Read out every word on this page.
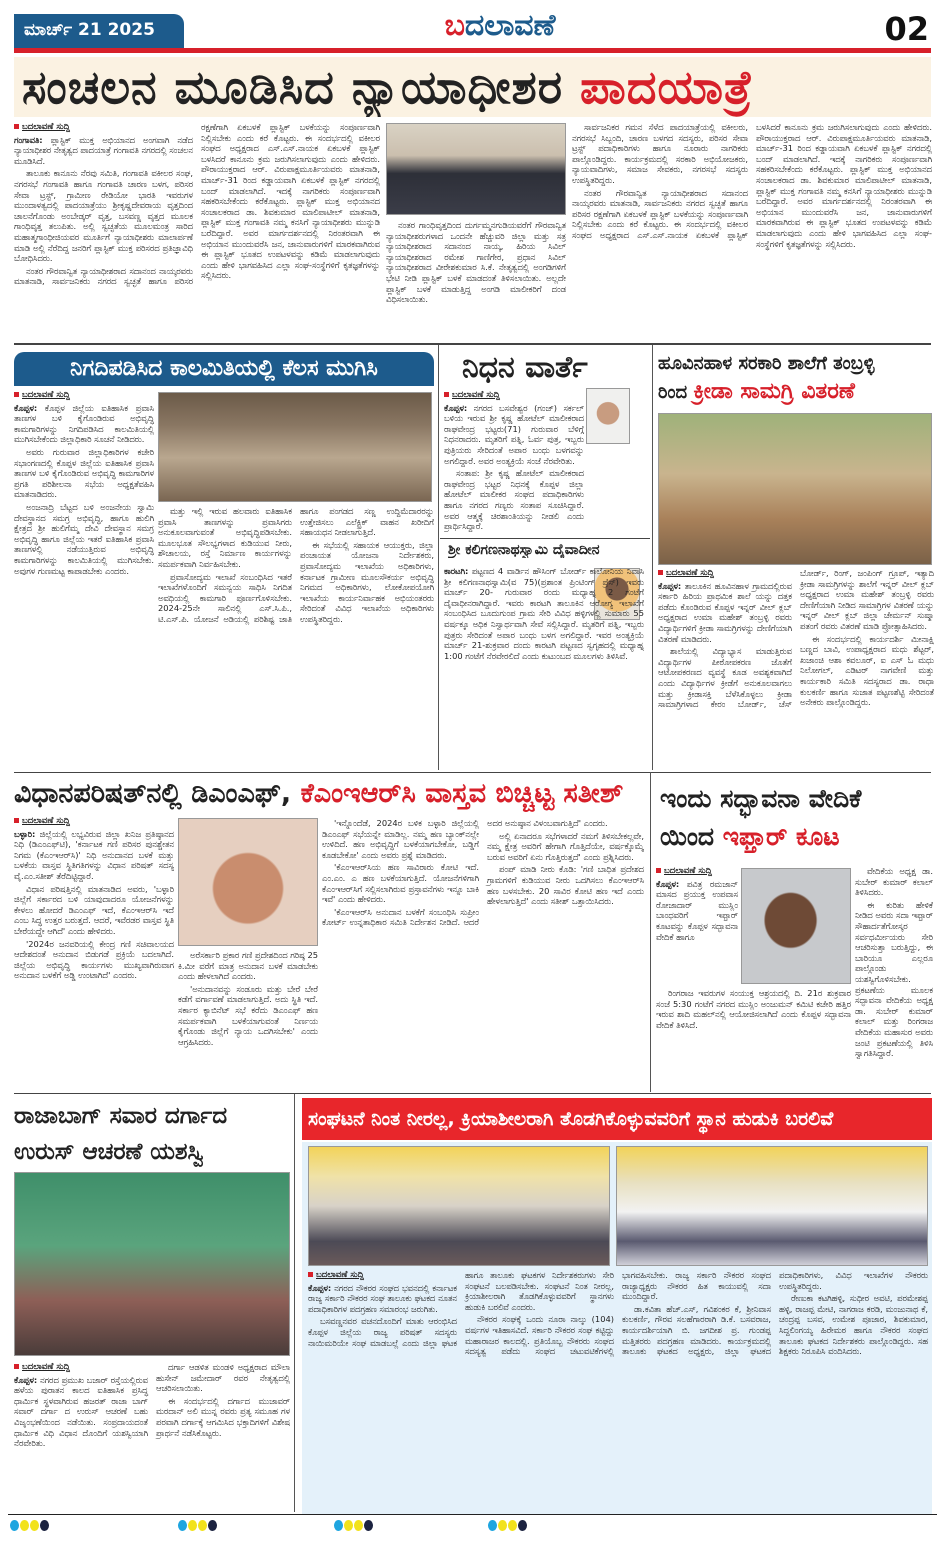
ಮಾರ್ಚ್ 21 2025	ಬದಲಾವಣೆ	02
ಸಂಚಲನ ಮೂಡಿಸಿದ ನ್ಯಾಯಾಧೀಶರ ಪಾದಯಾತ್ರೆ
ಬದಲಾವಣೆ ಸುದ್ದಿ

ಗಂಗಾವತಿ: ಪ್ಲಾಸ್ಟಿಕ್ ಮುಕ್ತ ಅಭಿಯಾನದ ಅಂಗವಾಗಿ ನಡೆದ ನ್ಯಾಯಾಧೀಶರ ನೇತೃತ್ವದ ಪಾದಯಾತ್ರೆ ಗಂಗಾವತಿ ನಗರದಲ್ಲಿ ಸಂಚಲನ ಮೂಡಿಸಿದೆ.

ತಾಲೂಕು ಕಾನೂನು ನೆರವು ಸಮಿತಿ, ಗಂಗಾವತಿ ವಕೀಲರ ಸಂಘ, ನಗರಸಭೆ ಗಂಗಾವತಿ ಹಾಗೂ ಗಂಗಾವತಿ ಚಾರಣ ಬಳಗ, ಪರಿಸರ ಸೇವಾ ಟ್ರಸ್ಟ್, ಗ್ರಾಮೀಣ ರೇಡಿಯೋ ಭಾರತಿ ಇವರುಗಳ ಮುಂದಾಳತ್ವದಲ್ಲಿ ಪಾದಯಾತ್ರೆಯು ಶ್ರೀಕೃಷ್ಣದೇವರಾಯ ವೃತ್ತದಿಂದ ಚಾಲನೆಗೊಂಡು ಅಂಬೇಡ್ಕರ್ ವೃತ್ತ, ಬಸವಣ್ಣ ವೃತ್ತದ ಮೂಲಕ ಗಾಂಧಿವೃತ್ತ ತಲುಪಿತು. ಅಲ್ಲಿ ಸ್ವಚ್ಛತೆಯ ಮೂಲಮಂತ್ರ ಸಾರಿದ ಮಹಾತ್ಮಗಾಂಧೀಜಿಯವರ ಮೂರ್ತಿಗೆ ನ್ಯಾಯಾಧೀಶರು ಮಾಲಾರ್ಪಣೆ ಮಾಡಿ ಅಲ್ಲಿ ನೆರೆದಿದ್ದ ಜನರಿಗೆ ಪ್ಲಾಸ್ಟಿಕ್ ಮುಕ್ತ ಪರಿಸರದ ಪ್ರತಿಜ್ಞಾವಿಧಿ ಬೋಧಿಸಿದರು.

ನಂತರ ಗೌರವಾನ್ವಿತ ನ್ಯಾಯಾಧೀಶರಾದ ಸದಾನಂದ ನಾಯ್ಕರವರು ಮಾತನಾಡಿ, ಸಾರ್ವಜನಿಕರು ನಗರದ ಸ್ವಚ್ಛತೆ ಹಾಗೂ ಪರಿಸರ ರಕ್ಷಣೆಗಾಗಿ ಏಕಬಳಕೆ ಪ್ಲಾಸ್ಟಿಕ್ ಬಳಕೆಯನ್ನು ಸಂಪೂರ್ಣವಾಗಿ ನಿಲ್ಲಿಸಬೇಕು ಎಂದು ಕರೆ ಕೊಟ್ಟರು. ಈ ಸಂದರ್ಭದಲ್ಲಿ ವಕೀಲರ ಸಂಘದ ಅಧ್ಯಕ್ಷರಾದ ಎಸ್.ಎಸ್.ನಾಯಕ ಏಕಬಳಕೆ ಪ್ಲಾಸ್ಟಿಕ್ ಬಳಸಿದರೆ ಕಾನೂನು ಕ್ರಮ ಜರುಗಿಸಲಾಗುವುದು ಎಂದು ಹೇಳಿದರು. ಪೌರಾಯುಕ್ತರಾದ ಆರ್. ವಿರುಪಾಕ್ಷಮೂರ್ತಿಯವರು ಮಾತನಾಡಿ, ಮಾರ್ಚ್-31 ರಿಂದ ಕಡ್ಡಾಯವಾಗಿ ಏಕಬಳಕೆ ಪ್ಲಾಸ್ಟಿಕ್ ನಗರದಲ್ಲಿ ಬಂದ್ ಮಾಡಲಾಗಿದೆ. ಇದಕ್ಕೆ ನಾಗರಿಕರು ಸಂಪೂರ್ಣವಾಗಿ ಸಹಕರಿಸಬೇಕೆಂದು ಕರೆಕೊಟ್ಟರು. ಪ್ಲಾಸ್ಟಿಕ್ ಮುಕ್ತ ಅಭಿಯಾನದ ಸಂಚಾಲಕರಾದ ಡಾ. ಶಿವಕುಮಾರ ಮಾಲಿಪಾಟೀಲ್ ಮಾತನಾಡಿ, ಪ್ಲಾಸ್ಟಿಕ್ ಮುಕ್ತ ಗಂಗಾವತಿ ನಮ್ಮ ಕನಸಿಗೆ ನ್ಯಾಯಾಧೀಶರು ಮುನ್ನುಡಿ ಬರೆದಿದ್ದಾರೆ. ಅವರ ಮಾರ್ಗದರ್ಶನದಲ್ಲಿ ನಿರಂತರವಾಗಿ ಈ ಅಭಿಯಾನ ಮುಂದುವರೆಸಿ ಜನ, ಜಾನುವಾರುಗಳಿಗೆ ಮಾರಕವಾಗಿರುವ ಈ ಪ್ಲಾಸ್ಟಿಕ್ ಭೂತದ ಉಪಟಳವನ್ನು ಕಡಿಮೆ ಮಾಡಲಾಗುವುದು ಎಂದು ಹೇಳಿ ಭಾಗವಹಿಸಿದ ಎಲ್ಲಾ ಸಂಘ-ಸಂಸ್ಥೆಗಳಿಗೆ ಕೃತಜ್ಞತೆಗಳನ್ನು ಸಲ್ಲಿಸಿದರು.

ನಂತರ ಗಾಂಧಿವೃತ್ತದಿಂದ ದುರ್ಗಮ್ಮನಗುಡಿಯವರೆಗೆ ಗೌರವಾನ್ವಿತ ನ್ಯಾಯಾಧೀಶರುಗಳಾದ ಒಂದನೇ ಹೆಚ್ಚುವರಿ ಜಿಲ್ಲಾ ಮತ್ತು ಸತ್ರ ನ್ಯಾಯಾಧೀಶರಾದ ಸದಾನಂದ ನಾಯ್ಕ, ಹಿರಿಯ ಸಿವಿಲ್ ನ್ಯಾಯಾಧೀಶರಾದ ರಮೇಶ ಗಾಣಿಗೇರ, ಪ್ರಧಾನ ಸಿವಿಲ್ ನ್ಯಾಯಾಧೀಶರಾದ ವೀರೇಶಕುಮಾರ ಸಿ.ಕೆ. ನೇತೃತ್ವದಲ್ಲಿ ಅಂಗಡಿಗಳಿಗೆ ಭೇಟಿ ನೀಡಿ ಪ್ಲಾಸ್ಟಿಕ್ ಬಳಕೆ ಮಾಡದಂತೆ ತಿಳಿಸಲಾಯಿತು. ಅಲ್ಲದೇ ಪ್ಲಾಸ್ಟಿಕ್ ಬಳಕೆ ಮಾಡುತ್ತಿದ್ದ ಅಂಗಡಿ ಮಾಲೀಕರಿಗೆ ದಂಡ ವಿಧಿಸಲಾಯಿತು.

ಸಾರ್ವಜನಿಕರ ಗಮನ ಸೆಳೆದ ಪಾದಯಾತ್ರೆಯಲ್ಲಿ ವಕೀಲರು, ನಗರಸಭೆ ಸಿಬ್ಬಂದಿ, ಚಾರಣ ಬಳಗದ ಸದಸ್ಯರು, ಪರಿಸರ ಸೇವಾ ಟ್ರಸ್ಟ್ ಪದಾಧಿಕಾರಿಗಳು ಹಾಗೂ ನೂರಾರು ನಾಗರಿಕರು ಪಾಲ್ಗೊಂಡಿದ್ದರು. ಕಾರ್ಯಕ್ರಮದಲ್ಲಿ ಸರಕಾರಿ ಅಭಿಯೋಜಕರು, ನ್ಯಾಯವಾದಿಗಳು, ಸಮಾಜ ಸೇವಕರು, ನಗರಸಭೆ ಸದಸ್ಯರು ಉಪಸ್ಥಿತರಿದ್ದರು.

ನಂತರ ಗೌರವಾನ್ವಿತ ನ್ಯಾಯಾಧೀಶರಾದ ಸದಾನಂದ ನಾಯ್ಕರವರು ಮಾತನಾಡಿ, ಸಾರ್ವಜನಿಕರು ನಗರದ ಸ್ವಚ್ಛತೆ ಹಾಗೂ ಪರಿಸರ ರಕ್ಷಣೆಗಾಗಿ ಏಕಬಳಕೆ ಪ್ಲಾಸ್ಟಿಕ್ ಬಳಕೆಯನ್ನು ಸಂಪೂರ್ಣವಾಗಿ ನಿಲ್ಲಿಸಬೇಕು ಎಂದು ಕರೆ ಕೊಟ್ಟರು. ಈ ಸಂದರ್ಭದಲ್ಲಿ ವಕೀಲರ ಸಂಘದ ಅಧ್ಯಕ್ಷರಾದ ಎಸ್.ಎಸ್.ನಾಯಕ ಏಕಬಳಕೆ ಪ್ಲಾಸ್ಟಿಕ್ ಬಳಸಿದರೆ ಕಾನೂನು ಕ್ರಮ ಜರುಗಿಸಲಾಗುವುದು ಎಂದು ಹೇಳಿದರು. ಪೌರಾಯುಕ್ತರಾದ ಆರ್. ವಿರುಪಾಕ್ಷಮೂರ್ತಿಯವರು ಮಾತನಾಡಿ, ಮಾರ್ಚ್-31 ರಿಂದ ಕಡ್ಡಾಯವಾಗಿ ಏಕಬಳಕೆ ಪ್ಲಾಸ್ಟಿಕ್ ನಗರದಲ್ಲಿ ಬಂದ್ ಮಾಡಲಾಗಿದೆ. ಇದಕ್ಕೆ ನಾಗರಿಕರು ಸಂಪೂರ್ಣವಾಗಿ ಸಹಕರಿಸಬೇಕೆಂದು ಕರೆಕೊಟ್ಟರು. ಪ್ಲಾಸ್ಟಿಕ್ ಮುಕ್ತ ಅಭಿಯಾನದ ಸಂಚಾಲಕರಾದ ಡಾ. ಶಿವಕುಮಾರ ಮಾಲಿಪಾಟೀಲ್ ಮಾತನಾಡಿ, ಪ್ಲಾಸ್ಟಿಕ್ ಮುಕ್ತ ಗಂಗಾವತಿ ನಮ್ಮ ಕನಸಿಗೆ ನ್ಯಾಯಾಧೀಶರು ಮುನ್ನುಡಿ ಬರೆದಿದ್ದಾರೆ. ಅವರ ಮಾರ್ಗದರ್ಶನದಲ್ಲಿ ನಿರಂತರವಾಗಿ ಈ ಅಭಿಯಾನ ಮುಂದುವರೆಸಿ ಜನ, ಜಾನುವಾರುಗಳಿಗೆ ಮಾರಕವಾಗಿರುವ ಈ ಪ್ಲಾಸ್ಟಿಕ್ ಭೂತದ ಉಪಟಳವನ್ನು ಕಡಿಮೆ ಮಾಡಲಾಗುವುದು ಎಂದು ಹೇಳಿ ಭಾಗವಹಿಸಿದ ಎಲ್ಲಾ ಸಂಘ-ಸಂಸ್ಥೆಗಳಿಗೆ ಕೃತಜ್ಞತೆಗಳನ್ನು ಸಲ್ಲಿಸಿದರು.

ನಿಗದಿಪಡಿಸಿದ ಕಾಲಮಿತಿಯಲ್ಲಿ ಕೆಲಸ ಮುಗಿಸಿ
ಬದಲಾವಣೆ ಸುದ್ದಿ

ಕೊಪ್ಪಳ: ಕೊಪ್ಪಳ ಜಿಲ್ಲೆಯ ಐತಿಹಾಸಿಕ ಪ್ರವಾಸಿ ತಾಣಗಳ ಬಳಿ ಕೈಗೊಂಡಿರುವ ಅಭಿವೃದ್ಧಿ ಕಾಮಗಾರಿಗಳನ್ನು ನಿಗದಿಪಡಿಸಿದ ಕಾಲಮಿತಿಯಲ್ಲಿ ಮುಗಿಸಬೇಕೆಂದು ಜಿಲ್ಲಾಧಿಕಾರಿ ಸೂಚನೆ ನೀಡಿದರು.

ಅವರು ಗುರುವಾರ ಜಿಲ್ಲಾಧಿಕಾರಿಗಳ ಕಚೇರಿ ಸಭಾಂಗಣದಲ್ಲಿ ಕೊಪ್ಪಳ ಜಿಲ್ಲೆಯ ಐತಿಹಾಸಿಕ ಪ್ರವಾಸಿ ತಾಣಗಳ ಬಳಿ ಕೈಗೊಂಡಿರುವ ಅಭಿವೃದ್ಧಿ ಕಾಮಗಾರಿಗಳ ಪ್ರಗತಿ ಪರಿಶೀಲನಾ ಸಭೆಯ ಅಧ್ಯಕ್ಷತೆವಹಿಸಿ ಮಾತನಾಡಿದರು.

ಅಂಜನಾದ್ರಿ ಬೆಟ್ಟದ ಬಳಿ ಅಂಜನೇಯ ಸ್ವಾಮಿ ದೇವಸ್ಥಾನದ ಸಮಗ್ರ ಅಭಿವೃದ್ಧಿ, ಹಾಗೂ ಹುಲಿಗಿ ಕ್ಷೇತ್ರದ ಶ್ರೀ ಹುಲಿಗೆಮ್ಮ ದೇವಿ ದೇವಸ್ಥಾನ ಸಮಗ್ರ ಅಭಿವೃದ್ಧಿ ಹಾಗೂ ಜಿಲ್ಲೆಯ ಇತರೆ ಐತಿಹಾಸಿಕ ಪ್ರವಾಸಿ ತಾಣಗಳಲ್ಲಿ ನಡೆಯುತ್ತಿರುವ ಅಭಿವೃದ್ಧಿ ಕಾಮಗಾರಿಗಳನ್ನು ಕಾಲಮಿತಿಯಲ್ಲಿ ಮುಗಿಸಬೇಕು. ಅವುಗಳ ಗುಣಮಟ್ಟ ಕಾಪಾಡಬೇಕು ಎಂದರು.

ಮತ್ತು ಇಲ್ಲಿ ಇರುವ ಹಲವಾರು ಐತಿಹಾಸಿಕ ಪ್ರವಾಸಿ ತಾಣಗಳನ್ನು ಪ್ರವಾಸಿಗರು ಅನುಕೂಲವಾಗುವಂತೆ ಅಭಿವೃದ್ಧಿಪಡಿಸಬೇಕು. ಮೂಲಭೂತ ಸೌಲಭ್ಯಗಳಾದ ಕುಡಿಯುವ ನೀರು, ಶೌಚಾಲಯ, ರಸ್ತೆ ನಿರ್ಮಾಣ ಕಾರ್ಯಗಳನ್ನು ಸಮರ್ಪಕವಾಗಿ ನಿರ್ವಹಿಸಬೇಕು.

ಪ್ರವಾಸೋದ್ಯಮ ಇಲಾಖೆ ಸಂಬಂಧಿಸಿದ ಇತರೆ ಇಲಾಖೆಗಳೊಂದಿಗೆ ಸಮನ್ವಯ ಸಾಧಿಸಿ ನಿಗದಿತ ಅವಧಿಯಲ್ಲಿ ಕಾಮಗಾರಿ ಪೂರ್ಣಗೊಳಿಸಬೇಕು. 2024-25ನೇ ಸಾಲಿನಲ್ಲಿ ಎಸ್.ಸಿ.ಪಿ., ಟಿ.ಎಸ್.ಪಿ. ಯೋಜನೆ ಅಡಿಯಲ್ಲಿ ಪರಿಶಿಷ್ಟ ಜಾತಿ ಹಾಗೂ ಪಂಗಡದ ಸಣ್ಣ ಉದ್ದಿಮೆದಾರರನ್ನು ಉತ್ತೇಜಿಸಲು ಎಲೆಕ್ಟ್ರಿಕ್ ವಾಹನ ಖರೀದಿಗೆ ಸಹಾಯಧನ ನೀಡಲಾಗುತ್ತಿದೆ.

ಈ ಸಭೆಯಲ್ಲಿ ಸಹಾಯಕ ಆಯುಕ್ತರು, ಜಿಲ್ಲಾ ಪಂಚಾಯತ ಯೋಜನಾ ನಿರ್ದೇಶಕರು, ಪ್ರವಾಸೋದ್ಯಮ ಇಲಾಖೆಯ ಅಧಿಕಾರಿಗಳು, ಕರ್ನಾಟಕ ಗ್ರಾಮೀಣ ಮೂಲಸೌಕರ್ಯ ಅಭಿವೃದ್ಧಿ ನಿಗಮದ ಅಧಿಕಾರಿಗಳು, ಲೋಕೋಪಯೋಗಿ ಇಲಾಖೆಯ ಕಾರ್ಯನಿರ್ವಾಹಕ ಅಭಿಯಂತರರು ಸೇರಿದಂತೆ ವಿವಿಧ ಇಲಾಖೆಯ ಅಧಿಕಾರಿಗಳು ಉಪಸ್ಥಿತರಿದ್ದರು.

ನಿಧನ ವಾರ್ತೆ
ಬದಲಾವಣೆ ಸುದ್ದಿ

ಕೊಪ್ಪಳ: ನಗರದ ಬಸವೇಶ್ವರ (ಗಂಜ್) ಸರ್ಕಲ್ ಬಳಿಯ ಇರುವ ಶ್ರೀ ಕೃಷ್ಣ ಹೋಟೆಲ್ ಮಾಲೀಕರಾದ ರಾಘವೇಂದ್ರ ಭಟ್ಟರು(71) ಗುರುವಾರ ಬೆಳಿಗ್ಗೆ ನಿಧನರಾದರು. ಮೃತರಿಗೆ ಪತ್ನಿ, ಓರ್ವ ಪುತ್ರ, ಇಬ್ಬರು ಪುತ್ರಿಯರು ಸೇರಿದಂತೆ ಅಪಾರ ಬಂಧು ಬಳಗವನ್ನು ಅಗಲಿದ್ದಾರೆ. ಅವರ ಅಂತ್ಯಕ್ರಿಯೆ ಸಂಜೆ ನೆರವೇರಿತು.

ಸಂತಾಪ: ಶ್ರೀ ಕೃಷ್ಣ ಹೋಟೆಲ್ ಮಾಲೀಕರಾದ ರಾಘವೇಂದ್ರ ಭಟ್ಟರ ನಿಧನಕ್ಕೆ ಕೊಪ್ಪಳ ಜಿಲ್ಲಾ ಹೋಟೆಲ್ ಮಾಲೀಕರ ಸಂಘದ ಪದಾಧಿಕಾರಿಗಳು ಹಾಗೂ ನಗರದ ಗಣ್ಯರು ಸಂತಾಪ ಸೂಚಿಸಿದ್ದಾರೆ. ಅವರ ಆತ್ಮಕ್ಕೆ ಚಿರಶಾಂತಿಯನ್ನು ನೀಡಲಿ ಎಂದು ಪ್ರಾರ್ಥಿಸಿದ್ದಾರೆ.

ಶ್ರೀ ಕಲಿಗಣನಾಥಸ್ವಾಮಿ ದೈವಾದೀನ

ಕಾರಟಗಿ: ಪಟ್ಟಣದ 4 ವಾರ್ಡಿನ ಹೌಸಿಂಗ್ ಬೋರ್ಡ್ ಕಾಲೋನಿಯ ನಿವಾಸಿ ಶ್ರೀ ಕಲಿಗಣನಾಥಸ್ವಾಮಿ(ವ 75)(ಪ್ರಶಾಂತ ಪ್ರಿಂಟಿಂಗ್ ಪ್ರೆಸ್) ಇವರು ಮಾರ್ಚ್ 20- ಗುರುವಾರ ರಂದು ಮಧ್ಯಾಹ್ನ 2 ಗಂಟೆಗೆ ದೈವಾಧೀನರಾಗಿದ್ದಾರೆ. ಇವರು ಕಾರಟಗಿ ತಾಲೂಕಿನ ಆರೋಗ್ಯ ಇಲಾಖೆಗೆ ಸಂಬಂಧಿಸಿದ ಬೂದುಗುಂಪ ಗ್ರಾಮ ಸೇರಿ ವಿವಿಧ ಹಳ್ಳಿಗಳಲ್ಲಿ ಸುಮಾರು 55 ವರ್ಷಕ್ಕೂ ಅಧಿಕ ನಿಸ್ವಾರ್ಥವಾಗಿ ಸೇವೆ ಸಲ್ಲಿಸಿದ್ದಾರೆ. ಮೃತರಿಗೆ ಪತ್ನಿ, ಇಬ್ಬರು ಪುತ್ರರು ಸೇರಿದಂತೆ ಅಪಾರ ಬಂಧು ಬಳಗ ಅಗಲಿದ್ದಾರೆ. ಇವರ ಅಂತ್ಯಕ್ರಿಯೆ ಮಾರ್ಚ್ 21-ಶುಕ್ರವಾರ ದಂದು ಕಾರಟಗಿ ಪಟ್ಟಣದ ಸ್ವಗೃಹದಲ್ಲಿ ಮಧ್ಯಾಹ್ನ 1:00 ಗಂಟೆಗೆ ನೆರವೇರಲಿದೆ ಎಂದು ಕುಟುಂಬದ ಮೂಲಗಳು ತಿಳಿಸಿವೆ.

ಹೂವಿನಹಾಳ ಸರಕಾರಿ ಶಾಲೆಗೆ ತಂಬ್ರಳ್ಳಿ
ರಿಂದ ಕ್ರೀಡಾ ಸಾಮಗ್ರಿ ವಿತರಣೆ
ಬದಲಾವಣೆ ಸುದ್ದಿ

ಕೊಪ್ಪಳ: ತಾಲೂಕಿನ ಹೂವಿನಹಾಳ ಗ್ರಾಮದಲ್ಲಿರುವ ಸರ್ಕಾರಿ ಹಿರಿಯ ಪ್ರಾಥಮಿಕ ಶಾಲೆ ಯನ್ನು ದತ್ತಕ ಪಡೆದು ಕೊಂಡಿರುವ ಕೊಪ್ಪಳ ಇನ್ನರ್ ವೀಲ್ ಕ್ಲಬ್ ಅಧ್ಯಕ್ಷರಾದ ಉಮಾ ಮಹೇಶ್ ತಂಬ್ರಳ್ಳಿ ರವರು ವಿದ್ಯಾರ್ಥಿಗಳಿಗೆ ಕ್ರೀಡಾ ಸಾಮಗ್ರಿಗಳನ್ನು ದೇಣಿಗೆಯಾಗಿ ವಿತರಣೆ ಮಾಡಿದರು.

ಶಾಲೆಯಲ್ಲಿ ವಿದ್ಯಾಭ್ಯಾಸ ಮಾಡುತ್ತಿರುವ ವಿದ್ಯಾರ್ಥಿಗಳ ಪೀಠೋಪಕರಣ ಜೊತೆಗೆ ಆಟೋಪಕರಣದ ವ್ಯವಸ್ಥೆ ಕೂಡ ಅವಶ್ಯಕವಾಗಿದೆ ಎಂದು ವಿದ್ಯಾರ್ಥಿಗಳ ಕ್ರೀಡೆಗೆ ಅನುಕೂಲವಾಗಲು ಮತ್ತು ಕ್ರೀಡಾಸಕ್ತಿ ಬೆಳೆಸಿಕೊಳ್ಳಲು ಕ್ರೀಡಾ ಸಾಮಾಗ್ರಿಗಳಾದ ಕೇರಂ ಬೋರ್ಡ್, ಚೆಸ್ ಬೋರ್ಡ್, ರಿಂಗ್, ಜಂಪಿಂಗ್ ಗ್ರೂಪ್, ಇತ್ಯಾದಿ ಕ್ರೀಡಾ ಸಾಮಗ್ರಿಗಳನ್ನು ಶಾಲೆಗೆ ಇನ್ನರ್ ವೀಲ್ ಕ್ಲಬ್ ಅಧ್ಯಕ್ಷರಾದ ಉಮಾ ಮಹೇಶ್ ತಂಬ್ರಳ್ಳಿ ರವರು ದೇಣಿಗೆಯಾಗಿ ನೀಡಿದ ಸಾಮಾಗ್ರಿಗಳ ವಿತರಣೆ ಯನ್ನು ಇನ್ನರ್ ವೀಲ್ ಕ್ಲಬ್ ಜಿಲ್ಲಾ ಚೇರ್ಮನ್ ಸುಷ್ಮಾ ಪತಂಗೆ ರವರು ವಿತರಣೆ ಮಾಡಿ ಪ್ರೋತ್ಸಾಹಿಸಿದರು.

ಈ ಸಂದರ್ಭದಲ್ಲಿ ಕಾರ್ಯದರ್ಶಿ ಮೀನಾಕ್ಷಿ ಬಣ್ಣದ ಬಾವಿ, ಉಪಾಧ್ಯಕ್ಷರಾದ ಮಧು ಶೆಟ್ಟರ್, ಖಜಾಂಚಿ ಆಶಾ ಕವಲೂರ್, ಐ ಎಸ್ ಓ ಮಧು ನಿಲೋಗಲ್, ಎಡಿಟರ್ ನಾಗವೇಣಿ ಮತ್ತು ಕಾರ್ಯಕಾರಿ ಸಮಿತಿ ಸದಸ್ಯರಾದ ಡಾ. ರಾಧಾ ಕುಲಕರ್ಣಿ ಹಾಗೂ ಸುಜಾತ ಪಟ್ಟಣಶೆಟ್ಟಿ ಸೇರಿದಂತೆ ಅನೇಕರು ಪಾಲ್ಗೊಂಡಿದ್ದರು.

ವಿಧಾನಪರಿಷತ್‌ನಲ್ಲಿ ಡಿಎಂಎಫ್, ಕೆಎಂಇಆರ್‌ಸಿ ವಾಸ್ತವ ಬಿಚ್ಚಿಟ್ಟ ಸತೀಶ್
ಬದಲಾವಣೆ ಸುದ್ದಿ

ಬಳ್ಳಾರಿ: ಜಿಲ್ಲೆಯಲ್ಲಿ ಲಭ್ಯವಿರುವ ಜಿಲ್ಲಾ ಖನಿಜ ಪ್ರತಿಷ್ಠಾನದ ನಿಧಿ (ಡಿಎಂಎಫ್‌ಟಿ), 'ಕರ್ನಾಟಕ ಗಣಿ ಪರಿಸರ ಪುನಶ್ಚೇತನ ನಿಗಮ (ಕೆಎಂಇಆರ್‌ಸಿ)' ನಿಧಿ ಅನುದಾನದ ಬಳಕೆ ಮತ್ತು ಬಳಕೆಯ ವಾಸ್ತವ ಸ್ಥಿತಿಗತಿಗಳನ್ನು ವಿಧಾನ ಪರಿಷತ್ ಸದಸ್ಯ ವೈ.ಎಂ.ಸತೀಶ್ ತೆರೆದಿಟ್ಟಿದ್ದಾರೆ.

ವಿಧಾನ ಪರಿಷತ್ತಿನಲ್ಲಿ ಮಾತನಾಡಿದ ಅವರು, 'ಬಳ್ಳಾರಿ ಜಿಲ್ಲೆಗೆ ಸರ್ಕಾರದ ಬಳಿ ಯಾವುದಾದರೂ ಯೋಜನೆಗಳನ್ನು ಕೇಳಲು ಹೋದರೆ ಡಿಎಂಎಫ್ ಇದೆ, ಕೆಎಂಇಆರ್‌ಸಿ ಇದೆ ಎಂಬ ಸಿದ್ಧ ಉತ್ತರ ಬರುತ್ತದೆ. ಆದರೆ, ಇವೆರಡರ ವಾಸ್ತವ ಸ್ಥಿತಿ ಬೇರೆಯದ್ದೇ ಆಗಿದೆ' ಎಂದು ಹೇಳಿದರು.

'2024ರ ಜನವರಿಯಲ್ಲಿ ಕೇಂದ್ರ ಗಣಿ ಸಚಿವಾಲಯದ ಆದೇಶದಂತೆ ಅನುದಾನ ಬಿಡುಗಡೆ ಪ್ರಕ್ರಿಯೆ ಬದಲಾಗಿದೆ. ಜಿಲ್ಲೆಯ ಅಭಿವೃದ್ಧಿ ಕಾರ್ಯಗಳು ಮುಖ್ಯವಾಗಿರುವಾಗ ಅನುದಾನ ಬಳಕೆಗೆ ಅಡ್ಡಿ ಉಂಟಾಗಿದೆ' ಎಂದರು.

ಅರೆಸರ್ಕಾರಿ ಪ್ರಕಾರ ಗಣಿ ಪ್ರದೇಶದಿಂದ ಗರಿಷ್ಠ 25 ಕಿ.ಮೀ ವರೆಗೆ ಮಾತ್ರ ಅನುದಾನ ಬಳಕೆ ಮಾಡಬೇಕು ಎಂದು ಹೇಳಲಾಗಿದೆ ಎಂದರು.

'ಅನುದಾನವನ್ನು ಸಂಡೂರು ಮತ್ತು ಬೇರೆ ಬೇರೆ ಕಡೆಗೆ ವರ್ಗಾವಣೆ ಮಾಡಲಾಗುತ್ತಿದೆ. ಅದು ಸ್ಥಿತಿ ಇದೆ. ಸರ್ಕಾರ ಕ್ಯಾಬಿನೆಟ್ ಸಭೆ ಕರೆದು ಡಿಎಂಎಫ್ ಹಣ ಸಮರ್ಪಕವಾಗಿ ಬಳಕೆಯಾಗುವಂತೆ ನಿರ್ಣಯ ಕೈಗೊಂಡು ಜಿಲ್ಲೆಗೆ ನ್ಯಾಯ ಒದಗಿಸಬೇಕು' ಎಂದು ಆಗ್ರಹಿಸಿದರು.

'ಇನ್ನೊಂದೆಡೆ, 2024ರ ಬಳಿಕ ಬಳ್ಳಾರಿ ಜಿಲ್ಲೆಯಲ್ಲಿ ಡಿಎಂಎಫ್ ಸಭೆಯನ್ನೇ ಮಾಡಿಲ್ಲ. ನಮ್ಮ ಹಣ ಬ್ಯಾಂಕ್‌ನಲ್ಲೇ ಉಳಿದಿದೆ. ಹಣ ಅಭಿವೃದ್ಧಿಗೆ ಬಳಕೆಯಾಗಬೇಕೋ, ಬಡ್ಡಿಗೆ ಕೂಡಬೇಕೋ' ಎಂದು ಅವರು ಪ್ರಶ್ನೆ ಮಾಡಿದರು.

'ಕೆಎಂಇಆರ್‌ಸಿಯ ಹಣ ಸಾವಿರಾರು ಕೋಟಿ ಇದೆ. ಎಂ.ಎಂ. ಎ ಹಣ ಬಳಕೆಯಾಗುತ್ತಿದೆ. ಯೋಜನೆಗಳಿಗಾಗಿ ಕೆಎಂಇಆರ್‌ಸಿಗೆ ಸಲ್ಲಿಸಲಾಗಿರುವ ಪ್ರಸ್ತಾವನೆಗಳು ಇನ್ನೂ ಬಾಕಿ ಇವೆ' ಎಂದು ಹೇಳಿದರು.

'ಕೆಎಂಇಆರ್‌ಸಿ ಅನುದಾನ ಬಳಕೆಗೆ ಸಂಬಂಧಿಸಿ ಸುಪ್ರೀಂ ಕೋರ್ಟ್ ಉನ್ನತಾಧಿಕಾರ ಸಮಿತಿ ನಿರ್ದೇಶನ ನೀಡಿದೆ. ಆದರೆ ಅದರ ಅನುಷ್ಠಾನ ವಿಳಂಬವಾಗುತ್ತಿದೆ' ಎಂದರು.

ಅಲ್ಲಿ ಏನಾದರೂ ಸಭೆಗಳಾದರೆ ನಮಗೆ ತಿಳಿಸಬೇಕಲ್ಲವೇ, ನಮ್ಮ ಕ್ಷೇತ್ರ ಅವರಿಗೆ ಹೇಗಾಗಿ ಗೊತ್ತಿದೆಯೇ, ವರ್ಷಕ್ಕೊಮ್ಮೆ ಬರುವ ಅವರಿಗೆ ಏನು ಗೊತ್ತಿರುತ್ತದೆ' ಎಂದು ಪ್ರಶ್ನಿಸಿದರು.

ಪಂಪ್ ಮಾಡಿ ನೀರು ಕೊಡಿ: 'ಗಣಿ ಬಾಧಿತ ಪ್ರದೇಶದ ಗ್ರಾಮಗಳಿಗೆ ಕುಡಿಯುವ ನೀರು ಒದಗಿಸಲು ಕೆಎಂಇಆರ್‌ಸಿ ಹಣ ಬಳಸಬೇಕು. 20 ಸಾವಿರ ಕೋಟಿ ಹಣ ಇದೆ ಎಂದು ಹೇಳಲಾಗುತ್ತಿದೆ' ಎಂದು ಸತೀಶ್ ಒತ್ತಾಯಿಸಿದರು.

ಇಂದು ಸದ್ಭಾವನಾ ವೇದಿಕೆ
ಯಿಂದ ಇಫ್ತಾರ್ ಕೂಟ
ಬದಲಾವಣೆ ಸುದ್ದಿ

ಕೊಪ್ಪಳ: ಪವಿತ್ರ ರಮಜಾನ್ ಮಾಸದ ಪ್ರಯುಕ್ತ ಉಪವಾಸ ರೋಜಾದಾರ್ ಮುಸ್ಲಿಂ ಬಾಂಧವರಿಗೆ ಇಫ್ತಾರ್ ಕೂಟವನ್ನು ಕೊಪ್ಪಳ ಸದ್ಭಾವನಾ ವೇದಿಕೆ ಹಾಗೂ

ರಿಂಗರಾಜ ಇವರುಗಳ ಸಂಯುಕ್ತ ಆಶ್ರಯದಲ್ಲಿ ದಿ. 21ರ ಶುಕ್ರವಾರ ಸಂಜೆ 5:30 ಗಂಟೆಗೆ ನಗರದ ಮುಸ್ಲಿಂ ಅಂಜುಮನ್ ಕಮಿಟಿ ಕಚೇರಿ ಹತ್ತಿರ ಇರುವ ಶಾದಿ ಮಹಲ್‌ನಲ್ಲಿ ಆಯೋಜಿಸಲಾಗಿದೆ ಎಂದು ಕೊಪ್ಪಳ ಸದ್ಭಾವನಾ ವೇದಿಕೆ ತಿಳಿಸಿದೆ.

ವೇದಿಕೆಯ ಅಧ್ಯಕ್ಷ ಡಾ. ಸುಬೇರ್ ಕುಮಾರ್ ಕಲಾಲ್ ತಿಳಿಸಿದರು.

ಈ ಕುರಿತು ಹೇಳಿಕೆ ನೀಡಿದ ಅವರು ಸದಾ ಇಫ್ತಾರ್ ಸೌಹಾರ್ದತೆಗೋಸ್ಕರ ಸರ್ವಧರ್ಮೀಯರು ಸೇರಿ ಆಚರಿಸುತ್ತಾ ಬರುತ್ತಿದ್ದು, ಈ ಬಾರಿಯೂ ಎಲ್ಲರೂ ಪಾಲ್ಗೊಂಡು ಯಶಸ್ವಿಗೊಳಿಸಬೇಕು. ಪ್ರಕಟಣೆಯ ಮೂಲಕ ಸದ್ಭಾವನಾ ವೇದಿಕೆಯ ಅಧ್ಯಕ್ಷ ಡಾ. ಸುಬೇರ್ ಕುಮಾರ್ ಕಲಾಲ್ ಮತ್ತು ರಿಂಗರಾಜ ವೇದಿಕೆಯ ಮಹಾಸುರ ಅವರು ಜಂಟಿ ಪ್ರಕಟಣೆಯಲ್ಲಿ ತಿಳಿಸಿ ಸ್ವಾಗತಿಸಿದ್ದಾರೆ.

ರಾಜಾಬಾಗ್ ಸವಾರ ದರ್ಗಾದ
ಉರುಸ್ ಆಚರಣೆ ಯಶಸ್ವಿ
ಬದಲಾವಣೆ ಸುದ್ದಿ

ಕೊಪ್ಪಳ: ನಗರದ ಪ್ರಮುಖ ಬಜಾರ್ ರಸ್ತೆಯಲ್ಲಿರುವ ಹಳೆಯ ಪುರಾತನ ಕಾಲದ ಐತಿಹಾಸಿಕ ಪ್ರಸಿದ್ಧ ಧಾರ್ಮಿಕ ಸ್ಥಳವಾಗಿರುವ ಹಜರತ್ ರಾಜಾ ಬಾಗ್ ಸವಾರ್ ದರ್ಗಾ ದ ಉರುಸ್ ಆಚರಣೆ ಬಹು ವಿಜೃಂಭಣೆಯಿಂದ ನಡೆಯಿತು. ಸಂಪ್ರದಾಯದಂತೆ ಧಾರ್ಮಿಕ ವಿಧಿ ವಿಧಾನ ದೊಂದಿಗೆ ಯಶಸ್ವಿಯಾಗಿ ನೆರವೇರಿತು.

ದರ್ಗಾ ಆಡಳಿತ ಮಂಡಳಿ ಅಧ್ಯಕ್ಷರಾದ ಮೌಲಾ ಹುಸೇನ್ ಜಮೇದಾರ್ ರವರ ನೇತೃತ್ವದಲ್ಲಿ ಆಚರಿಸಲಾಯಿತು.

ಈ ಸಂದರ್ಭದಲ್ಲಿ ದರ್ಗಾದ ಮುಜಾವರ್ ಮರದಾನ್ ಅಲಿ ಮುನ್ನ ರವರು ಪ್ರತ್ಯ ಸಮೂಹ ಗಳ ಪರವಾಗಿ ದರ್ಗಾಕ್ಕೆ ಆಗಮಿಸಿದ ಭಕ್ತಾದಿಗಳಿಗೆ ವಿಶೇಷ ಪ್ರಾರ್ಥನೆ ನಡೆಸಿಕೊಟ್ಟರು.

ಸಂಘಟನೆ ನಿಂತ ನೀರಲ್ಲ, ಕ್ರಿಯಾಶೀಲರಾಗಿ ತೊಡಗಿಕೊಳ್ಳುವವರಿಗೆ ಸ್ಥಾನ ಹುಡುಕಿ ಬರಲಿವೆ
ಬದಲಾವಣೆ ಸುದ್ದಿ

ಕೊಪ್ಪಳ: ನಗರದ ನೌಕರರ ಸಂಘದ ಭವನದಲ್ಲಿ ಕರ್ನಾಟಕ ರಾಜ್ಯ ಸರ್ಕಾರಿ ನೌಕರರ ಸಂಘ ತಾಲೂಕು ಘಟಕದ ನೂತನ ಪದಾಧಿಕಾರಿಗಳ ಪದಗ್ರಹಣ ಸಮಾರಂಭ ಜರುಗಿತು.

ಬಸವಣ್ಣನವರ ವಚನದೊಂದಿಗೆ ಮಾತು ಆರಂಭಿಸಿದ ಕೊಪ್ಪಳ ಜಿಲ್ಲೆಯ ರಾಜ್ಯ ಪರಿಷತ್ ಸದಸ್ಯರು ನಾಯಿಮರಿಯೇ ಸಂಘ ಮಾಡಬಲ್ಲೆ ಎಂದು ಜಿಲ್ಲಾ ಘಟಕ ಹಾಗೂ ತಾಲೂಕು ಘಟಕಗಳ ನಿರ್ದೇಶಕರುಗಳು ಸೇರಿ ಸಂಘಟನೆ ಬಲಪಡಿಸಬೇಕು. ಸಂಘಟನೆ ನಿಂತ ನೀರಲ್ಲ, ಕ್ರಿಯಾಶೀಲರಾಗಿ ತೊಡಗಿಕೊಳ್ಳುವವರಿಗೆ ಸ್ಥಾನಗಳು ಹುಡುಕಿ ಬರಲಿವೆ ಎಂದರು.

ನೌಕರರ ಸಂಘಕ್ಕೆ ಒಂದು ನೂರಾ ನಾಲ್ಕು (104) ವರ್ಷಗಳ ಇತಿಹಾಸವಿದೆ. ಸರ್ಕಾರಿ ನೌಕರರ ಸಂಘ ಕಟ್ಟಿದ್ದು ಮಹಾರಾಜರ ಕಾಲದಲ್ಲಿ. ಪ್ರತಿಯೊಬ್ಬ ನೌಕರರು ಸಂಘದ ಸದಸ್ಯತ್ವ ಪಡೆದು ಸಂಘದ ಚಟುವಟಿಕೆಗಳಲ್ಲಿ ಭಾಗವಹಿಸಬೇಕು. ರಾಜ್ಯ ಸರ್ಕಾರಿ ನೌಕರರ ಸಂಘದ ರಾಜ್ಯಾಧ್ಯಕ್ಷರು ನೌಕರರ ಹಿತ ಕಾಯುವಲ್ಲಿ ಸದಾ ಮುಂದಿದ್ದಾರೆ.

ಡಾ.ಕವಿತಾ ಹೆಚ್.ಎಸ್, ಗವಿಶಂಕರ ಕೆ, ಶ್ರೀನಿವಾಸ ಕುಲಕರ್ಣಿ, ಗೌರವ ಸಲಹೆಗಾರರಾಗಿ ಡಿ.ಕೆ. ಬಸವರಾಜ, ಕಾರ್ಯದರ್ಶಿಯಾಗಿ ಬಿ. ಜಗದೀಶ ಪ್ರ. ಗುಂಡಪ್ಪ ಮತ್ತಿತರರು ಪದಗ್ರಹಣ ಮಾಡಿದರು. ಕಾರ್ಯಕ್ರಮದಲ್ಲಿ ತಾಲೂಕು ಘಟಕದ ಅಧ್ಯಕ್ಷರು, ಜಿಲ್ಲಾ ಘಟಕದ ಪದಾಧಿಕಾರಿಗಳು, ವಿವಿಧ ಇಲಾಖೆಗಳ ನೌಕರರು ಉಪಸ್ಥಿತರಿದ್ದರು.

ರೇಣುಕಾ ಕಟಗಿಹಳ್ಳಿ, ಸುಧೀರ ಅವಟಿ, ಪರಮೇಶಪ್ಪ ಹಳ್ಳಿ, ರಾಜಪ್ಪ ಮೇಟಿ, ನಾಗರಾಜ ಕರಡಿ, ಮಂಜುನಾಥ ಕೆ, ಚಂದ್ರಪ್ಪ ಬಸವ, ಉಮೇಶ ಪೂಜಾರ, ಶಿವಕುಮಾರ, ಸಿದ್ದಲಿಂಗಯ್ಯ ಹಿರೇಮಠ ಹಾಗೂ ನೌಕರರ ಸಂಘದ ತಾಲೂಕು ಘಟಕದ ನಿರ್ದೇಶಕರು ಪಾಲ್ಗೊಂಡಿದ್ದರು. ಸಹ ಶಿಕ್ಷಕರು ನಿರೂಪಿಸಿ ವಂದಿಸಿದರು.
